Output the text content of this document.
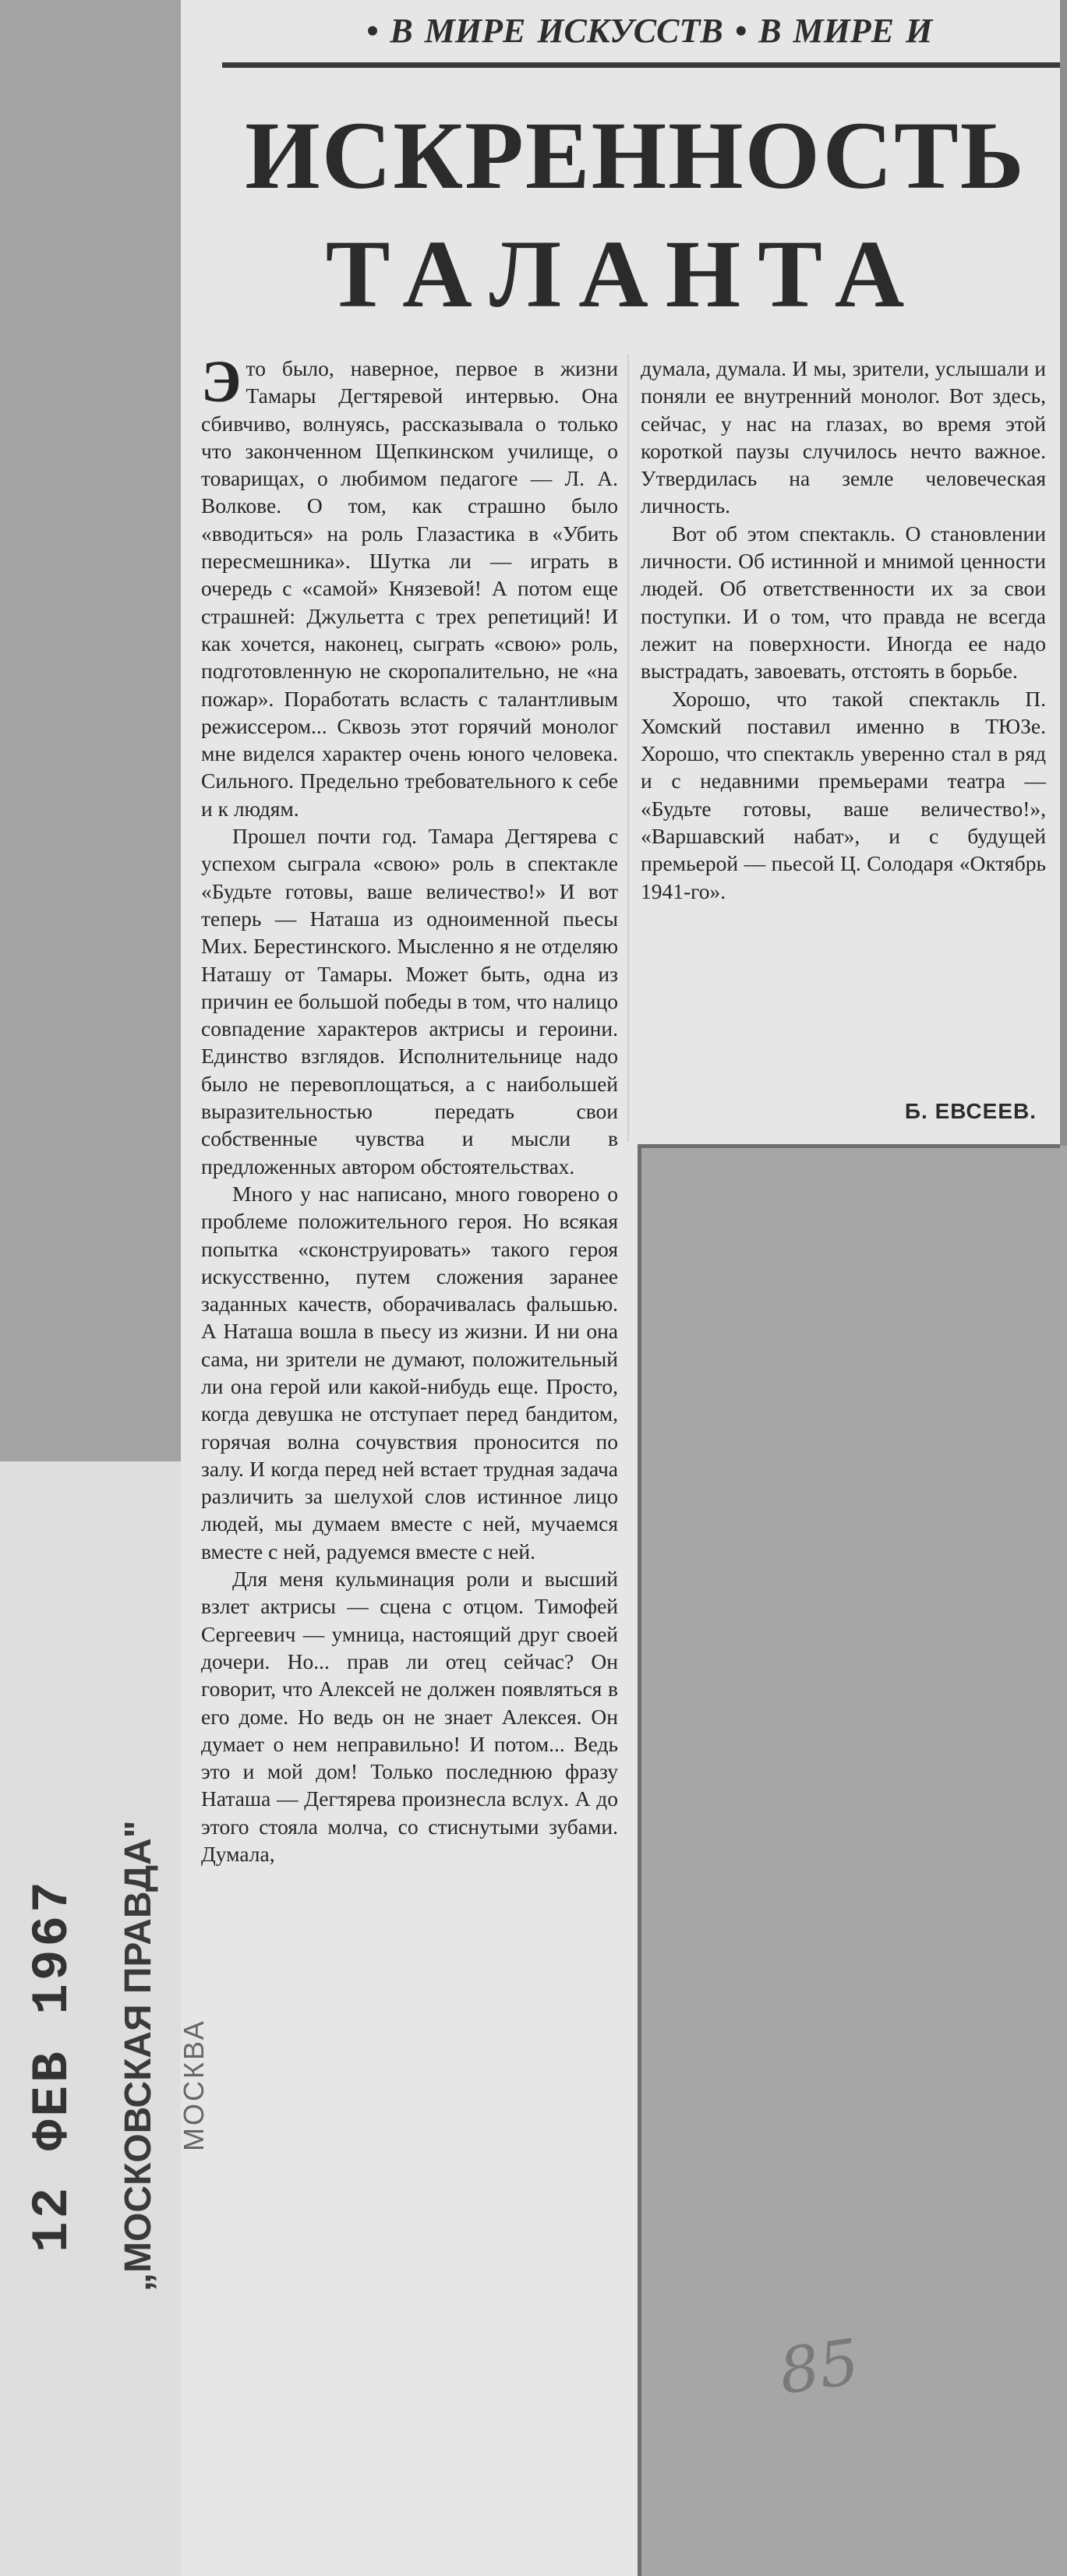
• В МИРЕ ИСКУССТВ • В МИРЕ И
ИСКРЕННОСТЬ
ТАЛАНТА

Это было, наверное, первое в жизни Тамары Дегтяревой интервью. Она сбивчиво, волнуясь, рассказывала о только что законченном Щепкинском училище, о товарищах, о любимом педагоге — Л. А. Волкове. О том, как страшно было «вводиться» на роль Глазастика в «Убить пересмешника». Шутка ли — играть в очередь с «самой» Князевой! А потом еще страшней: Джульетта с трех репетиций! И как хочется, наконец, сыграть «свою» роль, подготовленную не скоропалительно, не «на пожар». Поработать всласть с талантливым режиссером... Сквозь этот горячий монолог мне виделся характер очень юного человека. Сильного. Предельно требовательного к себе и к людям.

Прошел почти год. Тамара Дегтярева с успехом сыграла «свою» роль в спектакле «Будьте готовы, ваше величество!» И вот теперь — Наташа из одноименной пьесы Мих. Берестинского. Мысленно я не отделяю Наташу от Тамары. Может быть, одна из причин ее большой победы в том, что налицо совпадение характеров актрисы и героини. Единство взглядов. Исполнительнице надо было не перевоплощаться, а с наибольшей выразительностью передать свои собственные чувства и мысли в предложенных автором обстоятельствах.

Много у нас написано, много говорено о проблеме положительного героя. Но всякая попытка «сконструировать» такого героя искусственно, путем сложения заранее заданных качеств, оборачивалась фальшью. А Наташа вошла в пьесу из жизни. И ни она сама, ни зрители не думают, положительный ли она герой или какой-нибудь еще. Просто, когда девушка не отступает перед бандитом, горячая волна сочувствия проносится по залу. И когда перед ней встает трудная задача различить за шелухой слов истинное лицо людей, мы думаем вместе с ней, мучаемся вместе с ней, радуемся вместе с ней.

Для меня кульминация роли и высший взлет актрисы — сцена с отцом. Тимофей Сергеевич — умница, настоящий друг своей дочери. Но... прав ли отец сейчас? Он говорит, что Алексей не должен появляться в его доме. Но ведь он не знает Алексея. Он думает о нем неправильно! И потом... Ведь это и мой дом! Только последнюю фразу Наташа — Дегтярева произнесла вслух. А до этого стояла молча, со стиснутыми зубами. Думала,

думала, думала. И мы, зрители, услышали и поняли ее внутренний монолог. Вот здесь, сейчас, у нас на глазах, во время этой короткой паузы случилось нечто важное. Утвердилась на земле человеческая личность.

Вот об этом спектакль. О становлении личности. Об истинной и мнимой ценности людей. Об ответственности их за свои поступки. И о том, что правда не всегда лежит на поверхности. Иногда ее надо выстрадать, завоевать, отстоять в борьбе.

Хорошо, что такой спектакль П. Хомский поставил именно в ТЮЗе. Хорошо, что спектакль уверенно стал в ряд и с недавними премьерами театра — «Будьте готовы, ваше величество!», «Варшавский набат», и с будущей премьерой — пьесой Ц. Солодаря «Октябрь 1941-го».

Б. ЕВСЕЕВ.
12 ФЕВ 1967 „МОСКОВСКАЯ ПРАВДА" МОСКВА
85
